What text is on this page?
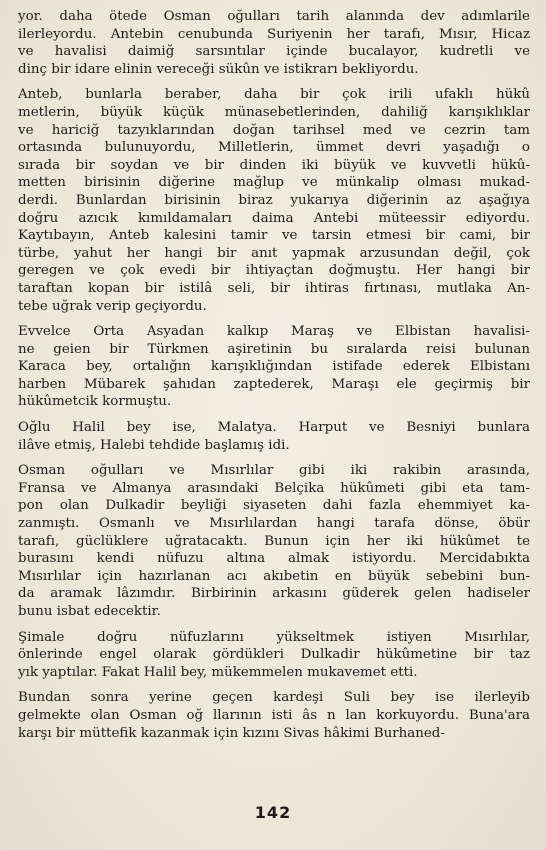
yor. daha ötede Osman oğulları tarih alanında dev adımlarile
ilerleyordu. Antebin cenubunda Suriyenin her tarafı, Mısır, Hicaz
ve havalisi daimiğ sarsıntılar içinde bucalayor, kudretli ve
dinç bir idare elinin vereceği sükûn ve istikrarı bekliyordu.
Anteb, bunlarla beraber, daha bir çok irili ufaklı hükû
metlerin, büyük küçük münasebetlerinden, dahiliğ karışıklıklar
ve hariciğ tazyıklarından doğan tarihsel med ve cezrin tam
ortasında bulunuyordu, Milletlerin, ümmet devri yaşadığı o
sırada bir soydan ve bir dinden iki büyük ve kuvvetli hükû-
metten birisinin diğerine mağlup ve münkalip olması mukad-
derdi. Bunlardan birisinin biraz yukarıya diğerinin az aşağıya
doğru azıcık kımıldamaları daima Antebi müteessir ediyordu.
Kaytıbayın, Anteb kalesini tamir ve tarsin etmesi bir cami, bir
türbe, yahut her hangi bir anıt yapmak arzusundan değil, çok
geregen ve çok evedi bir ihtiyaçtan doğmuştu. Her hangi bir
taraftan kopan bir istilâ seli, bir ihtiras fırtınası, mutlaka An-
tebe uğrak verip geçiyordu.
Evvelce Orta Asyadan kalkıp Maraş ve Elbistan havalisi-
ne geien bir Türkmen aşiretinin bu sıralarda reisi bulunan
Karaca bey, ortalığın karışıklığından istifade ederek Elbistanı
harben Mübarek şahıdan zaptederek, Maraşı ele geçirmiş bir
hükûmetcik kormuştu.
Oğlu Halil bey ise, Malatya. Harput ve Besniyi bunlara
ilâve etmiş, Halebi tehdide başlamış idi.
Osman oğulları ve Mısırlılar gibi iki rakibin arasında,
Fransa ve Almanya arasındaki Belçika hükûmeti gibi eta tam-
pon olan Dulkadir beyliği siyaseten dahi fazla ehemmiyet ka-
zanmıştı. Osmanlı ve Mısırlılardan hangi tarafa dönse, öbür
tarafı, güclüklere uğratacaktı. Bunun için her iki hükûmet te
burasını kendi nüfuzu altına almak istiyordu. Mercidabıkta
Mısırlılar için hazırlanan acı akıbetin en büyük sebebini bun-
da aramak lâzımdır. Birbirinin arkasını güderek gelen hadiseler
bunu isbat edecektir.
Şimale doğru nüfuzlarını yükseltmek istiyen Mısırlılar,
önlerinde engel olarak gördükleri Dulkadir hükûmetine bir taz
yık yaptılar. Fakat Halil bey, mükemmelen mukavemet etti.
Bundan sonra yerine geçen kardeşi Suli bey ise ilerleyib
gelmekte olan Osman oğ llarının isti âs n lan korkuyordu. Buna'ara
karşı bir müttefik kazanmak için kızını Sivas hâkimi Burhaned-
142
